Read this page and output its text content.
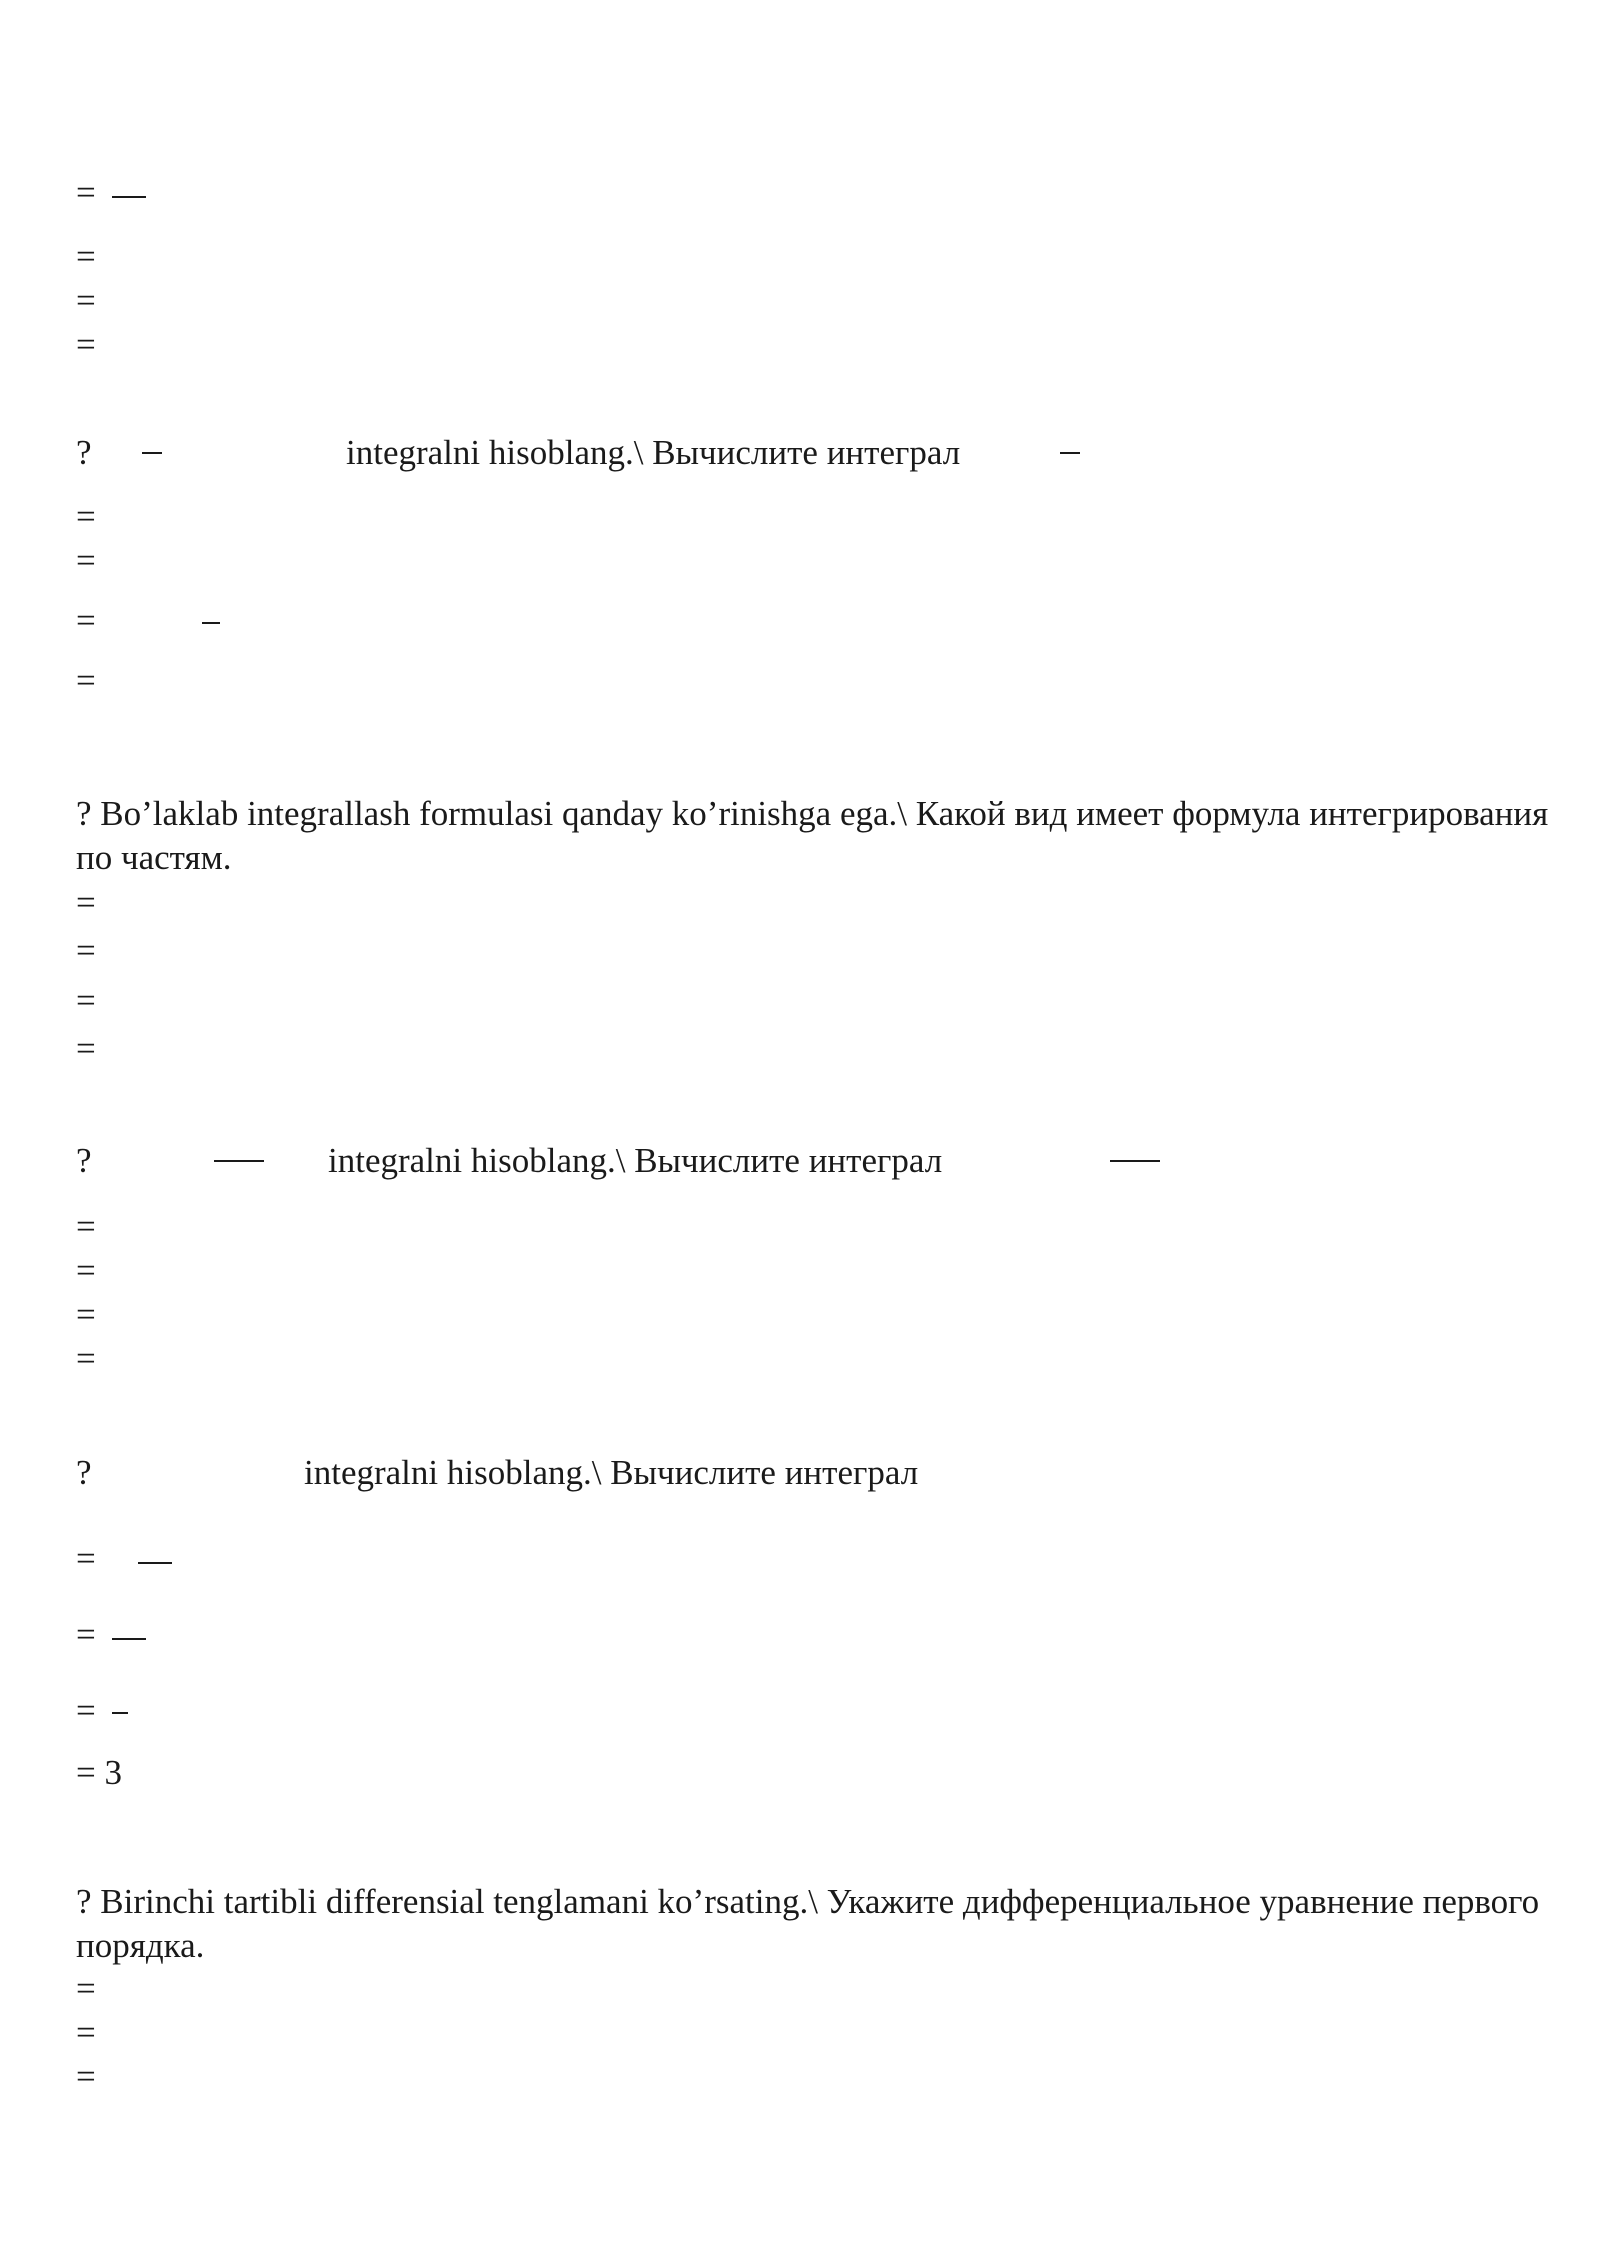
=
=
=
=
?	integralni hisoblang.\ Вычислите интеграл
=
=
=
=
? Bo’laklab integrallash formulasi qanday ko’rinishga ega.\ Какой вид имеет формула интегрирования по частям.
=
=
=
=
?	integralni hisoblang.\ Вычислите интеграл
=
=
=
=
?	integralni hisoblang.\ Вычислите интеграл
=
=
=
= 3
? Birinchi tartibli differensial tenglamani ko’rsating.\ Укажите дифференциальное уравнение первого порядка.
=
=
=
